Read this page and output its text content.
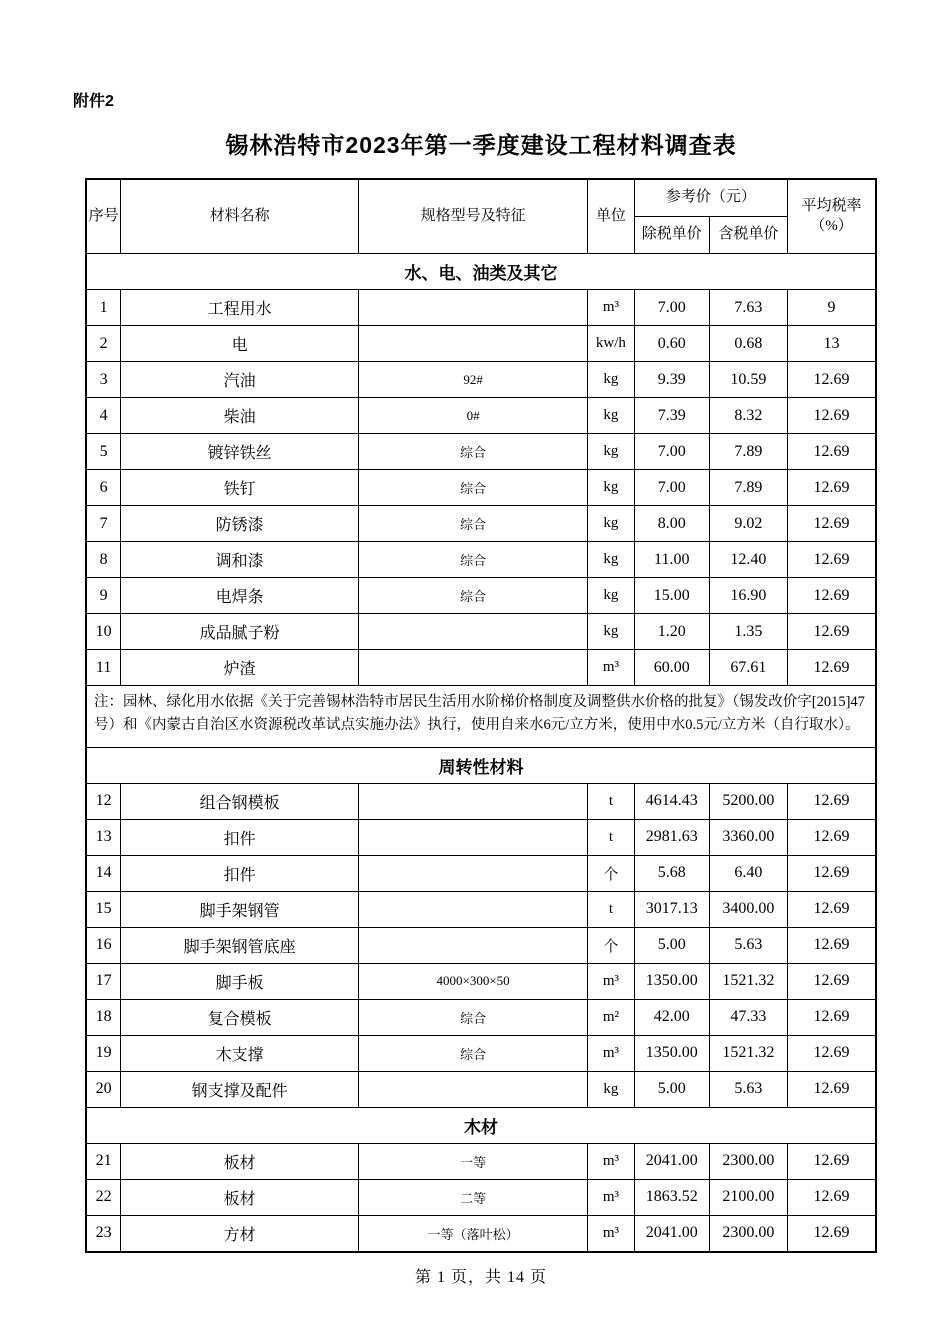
附件2
锡林浩特市2023年第一季度建设工程材料调查表
序号	材料名称	规格型号及特征	单位	参考价（元）		平均税率（%）
				除税单价	含税单价	
水、电、油类及其它						
1	工程用水		m³	7.00	7.63	9
2	电		kw/h	0.60	0.68	13
3	汽油	92#	kg	9.39	10.59	12.69
4	柴油	0#	kg	7.39	8.32	12.69
5	镀锌铁丝	综合	kg	7.00	7.89	12.69
6	铁钉	综合	kg	7.00	7.89	12.69
7	防锈漆	综合	kg	8.00	9.02	12.69
8	调和漆	综合	kg	11.00	12.40	12.69
9	电焊条	综合	kg	15.00	16.90	12.69
10	成品腻子粉		kg	1.20	1.35	12.69
11	炉渣		m³	60.00	67.61	12.69
注：园林、绿化用水依据《关于完善锡林浩特市居民生活用水阶梯价格制度及调整供水价格的批复》（锡发改价字[2015]47号）和《内蒙古自治区水资源税改革试点实施办法》执行，使用自来水6元/立方米，使用中水0.5元/立方米（自行取水）。						
周转性材料						
12	组合钢模板		t	4614.43	5200.00	12.69
13	扣件		t	2981.63	3360.00	12.69
14	扣件		个	5.68	6.40	12.69
15	脚手架钢管		t	3017.13	3400.00	12.69
16	脚手架钢管底座		个	5.00	5.63	12.69
17	脚手板	4000×300×50	m³	1350.00	1521.32	12.69
18	复合模板	综合	m²	42.00	47.33	12.69
19	木支撑	综合	m³	1350.00	1521.32	12.69
20	钢支撑及配件		kg	5.00	5.63	12.69
木材						
21	板材	一等	m³	2041.00	2300.00	12.69
22	板材	二等	m³	1863.52	2100.00	12.69
23	方材	一等（落叶松）	m³	2041.00	2300.00	12.69
第 1 页，共 14 页
